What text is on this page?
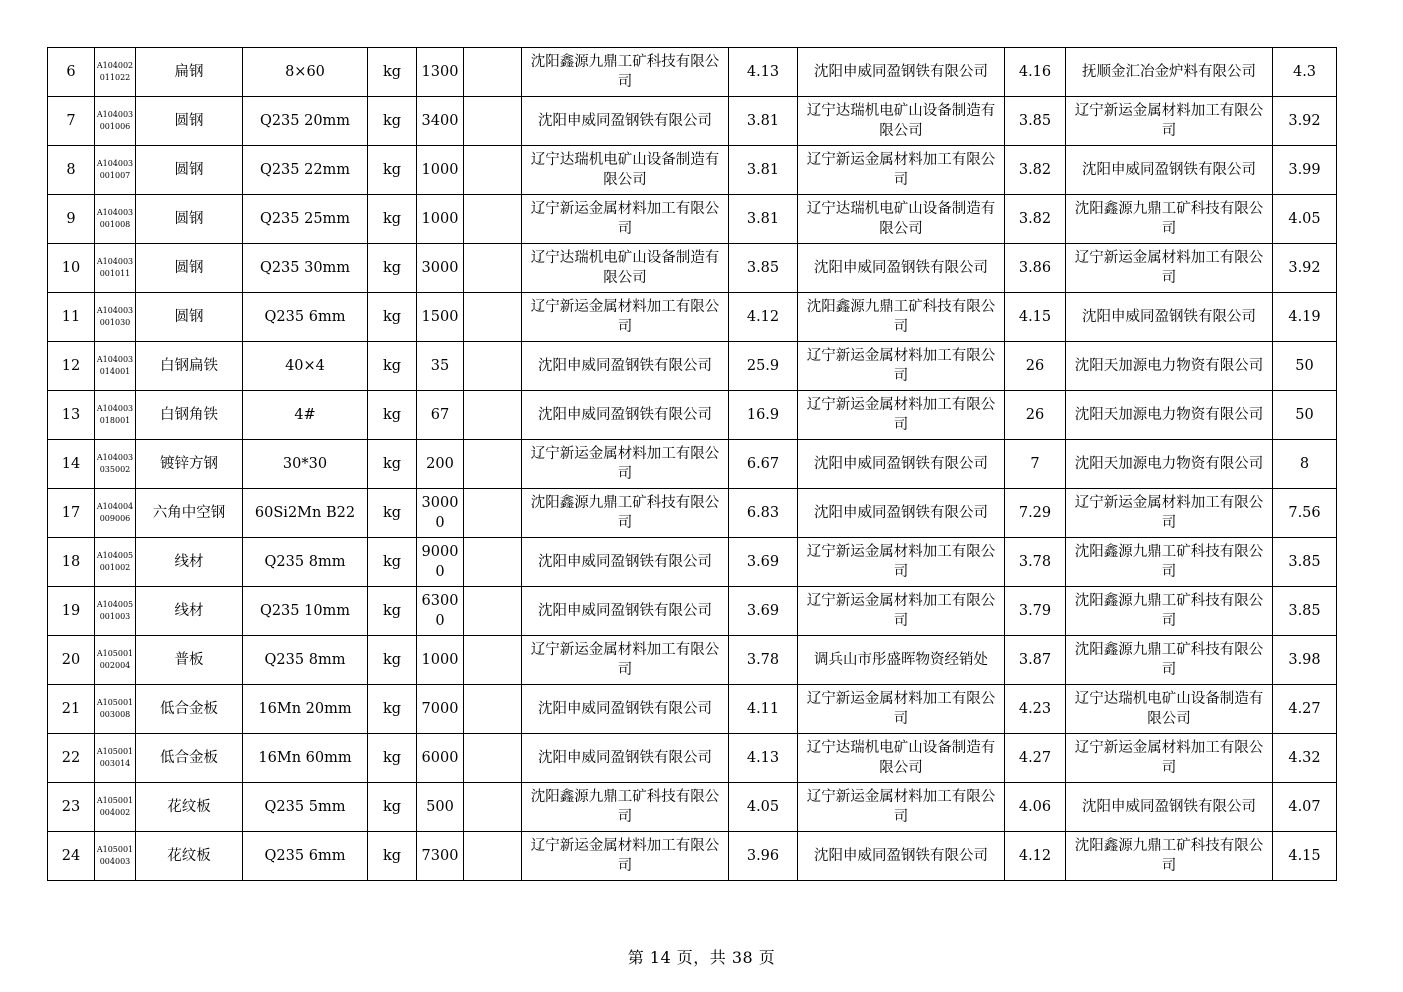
6	A104002011022	扁钢	8×60	kg	1300		沈阳鑫源九鼎工矿科技有限公司	4.13	沈阳申威同盈钢铁有限公司	4.16	抚顺金汇冶金炉料有限公司	4.3
7	A104003001006	圆钢	Q235 20mm	kg	3400		沈阳申威同盈钢铁有限公司	3.81	辽宁达瑞机电矿山设备制造有限公司	3.85	辽宁新运金属材料加工有限公司	3.92
8	A104003001007	圆钢	Q235 22mm	kg	1000		辽宁达瑞机电矿山设备制造有限公司	3.81	辽宁新运金属材料加工有限公司	3.82	沈阳申威同盈钢铁有限公司	3.99
9	A104003001008	圆钢	Q235 25mm	kg	1000		辽宁新运金属材料加工有限公司	3.81	辽宁达瑞机电矿山设备制造有限公司	3.82	沈阳鑫源九鼎工矿科技有限公司	4.05
10	A104003001011	圆钢	Q235 30mm	kg	3000		辽宁达瑞机电矿山设备制造有限公司	3.85	沈阳申威同盈钢铁有限公司	3.86	辽宁新运金属材料加工有限公司	3.92
11	A104003001030	圆钢	Q235 6mm	kg	1500		辽宁新运金属材料加工有限公司	4.12	沈阳鑫源九鼎工矿科技有限公司	4.15	沈阳申威同盈钢铁有限公司	4.19
12	A104003014001	白钢扁铁	40×4	kg	35		沈阳申威同盈钢铁有限公司	25.9	辽宁新运金属材料加工有限公司	26	沈阳天加源电力物资有限公司	50
13	A104003018001	白钢角铁	4#	kg	67		沈阳申威同盈钢铁有限公司	16.9	辽宁新运金属材料加工有限公司	26	沈阳天加源电力物资有限公司	50
14	A104003035002	镀锌方钢	30*30	kg	200		辽宁新运金属材料加工有限公司	6.67	沈阳申威同盈钢铁有限公司	7	沈阳天加源电力物资有限公司	8
17	A104004009006	六角中空钢	60Si2Mn B22	kg	30000		沈阳鑫源九鼎工矿科技有限公司	6.83	沈阳申威同盈钢铁有限公司	7.29	辽宁新运金属材料加工有限公司	7.56
18	A104005001002	线材	Q235 8mm	kg	90000		沈阳申威同盈钢铁有限公司	3.69	辽宁新运金属材料加工有限公司	3.78	沈阳鑫源九鼎工矿科技有限公司	3.85
19	A104005001003	线材	Q235 10mm	kg	63000		沈阳申威同盈钢铁有限公司	3.69	辽宁新运金属材料加工有限公司	3.79	沈阳鑫源九鼎工矿科技有限公司	3.85
20	A105001002004	普板	Q235 8mm	kg	1000		辽宁新运金属材料加工有限公司	3.78	调兵山市彤盛晖物资经销处	3.87	沈阳鑫源九鼎工矿科技有限公司	3.98
21	A105001003008	低合金板	16Mn 20mm	kg	7000		沈阳申威同盈钢铁有限公司	4.11	辽宁新运金属材料加工有限公司	4.23	辽宁达瑞机电矿山设备制造有限公司	4.27
22	A105001003014	低合金板	16Mn 60mm	kg	6000		沈阳申威同盈钢铁有限公司	4.13	辽宁达瑞机电矿山设备制造有限公司	4.27	辽宁新运金属材料加工有限公司	4.32
23	A105001004002	花纹板	Q235 5mm	kg	500		沈阳鑫源九鼎工矿科技有限公司	4.05	辽宁新运金属材料加工有限公司	4.06	沈阳申威同盈钢铁有限公司	4.07
24	A105001004003	花纹板	Q235 6mm	kg	7300		辽宁新运金属材料加工有限公司	3.96	沈阳申威同盈钢铁有限公司	4.12	沈阳鑫源九鼎工矿科技有限公司	4.15
第 14 页，共 38 页
